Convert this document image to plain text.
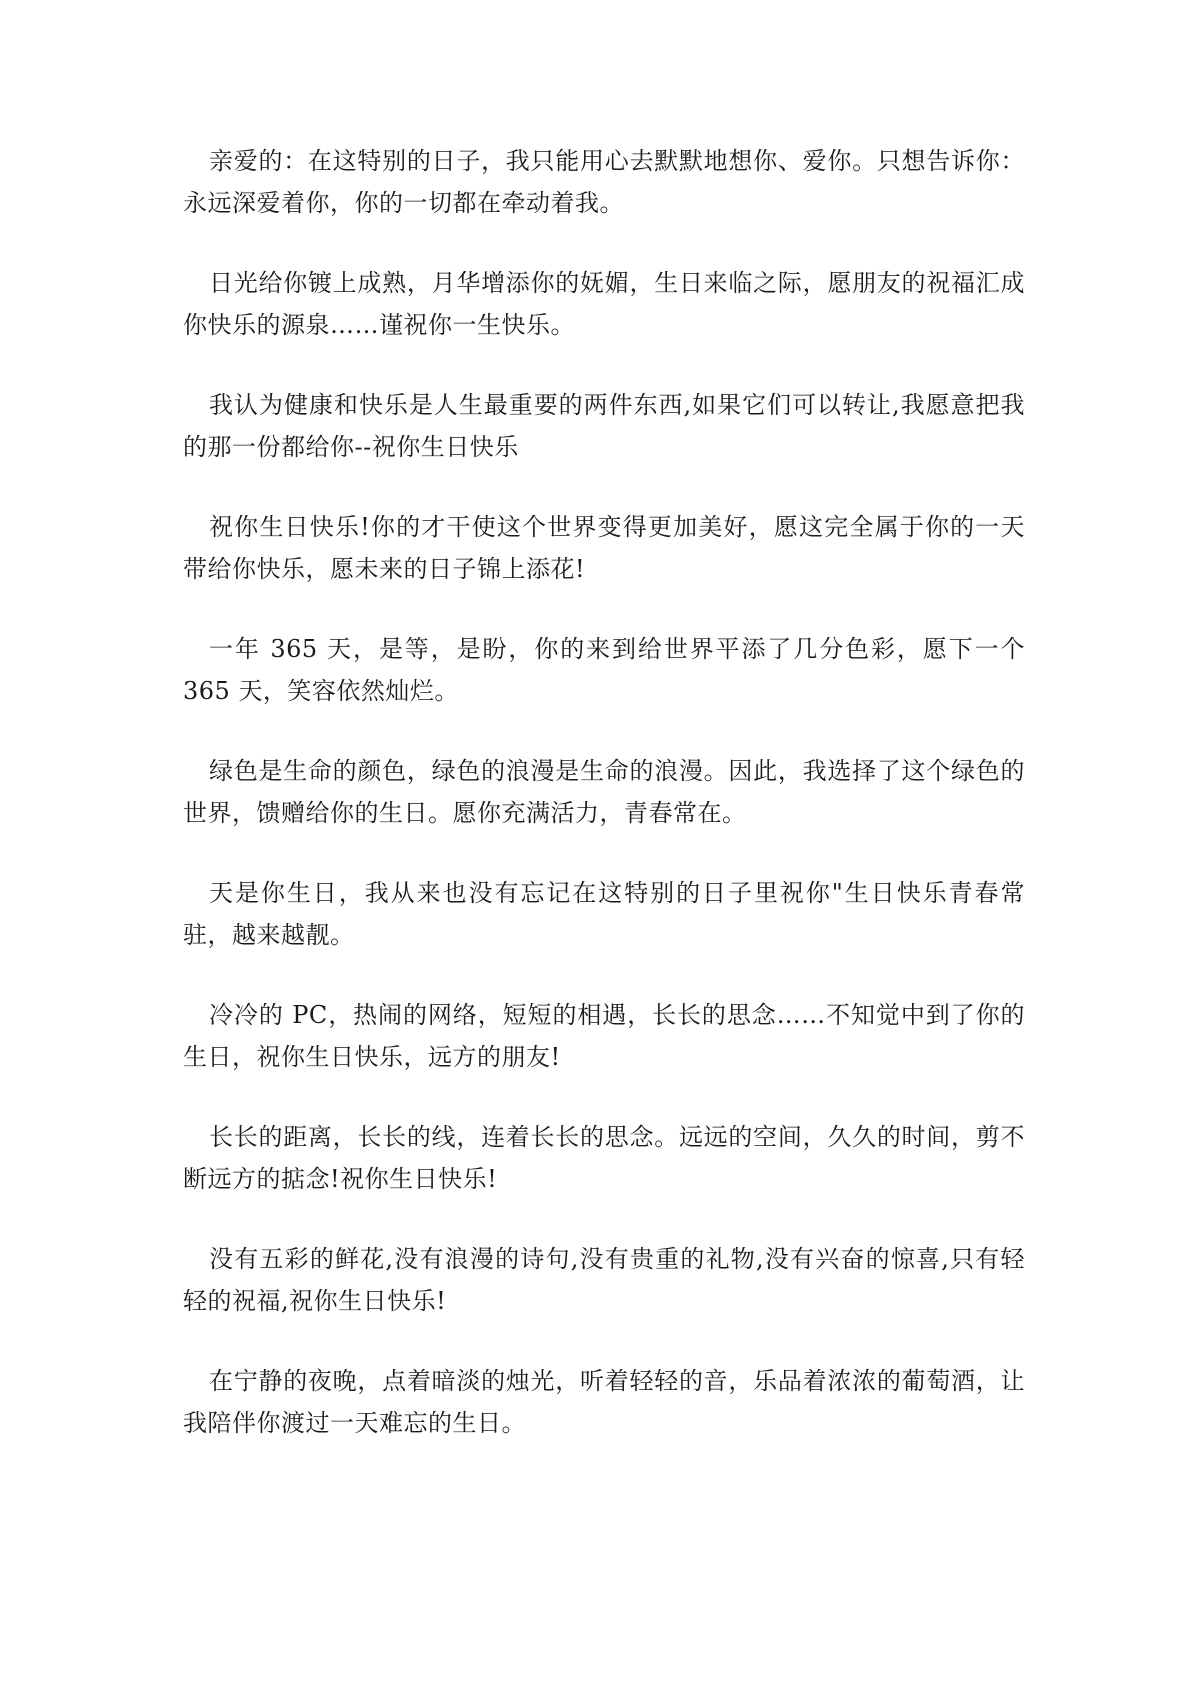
亲爱的：在这特别的日子，我只能用心去默默地想你、爱你。只想告诉你：永远深爱着你，你的一切都在牵动着我。

日光给你镀上成熟，月华增添你的妩媚，生日来临之际，愿朋友的祝福汇成你快乐的源泉……谨祝你一生快乐。

我认为健康和快乐是人生最重要的两件东西,如果它们可以转让,我愿意把我的那一份都给你--祝你生日快乐

祝你生日快乐!你的才干使这个世界变得更加美好，愿这完全属于你的一天带给你快乐，愿未来的日子锦上添花!

一年 365 天，是等，是盼，你的来到给世界平添了几分色彩，愿下一个 365 天，笑容依然灿烂。

绿色是生命的颜色，绿色的浪漫是生命的浪漫。因此，我选择了这个绿色的世界，馈赠给你的生日。愿你充满活力，青春常在。

天是你生日，我从来也没有忘记在这特别的日子里祝你"生日快乐青春常驻，越来越靓。

冷冷的 PC，热闹的网络，短短的相遇，长长的思念……不知觉中到了你的生日，祝你生日快乐，远方的朋友!

长长的距离，长长的线，连着长长的思念。远远的空间，久久的时间，剪不断远方的掂念!祝你生日快乐!

没有五彩的鲜花,没有浪漫的诗句,没有贵重的礼物,没有兴奋的惊喜,只有轻轻的祝福,祝你生日快乐!

在宁静的夜晚，点着暗淡的烛光，听着轻轻的音，乐品着浓浓的葡萄酒，让我陪伴你渡过一天难忘的生日。
